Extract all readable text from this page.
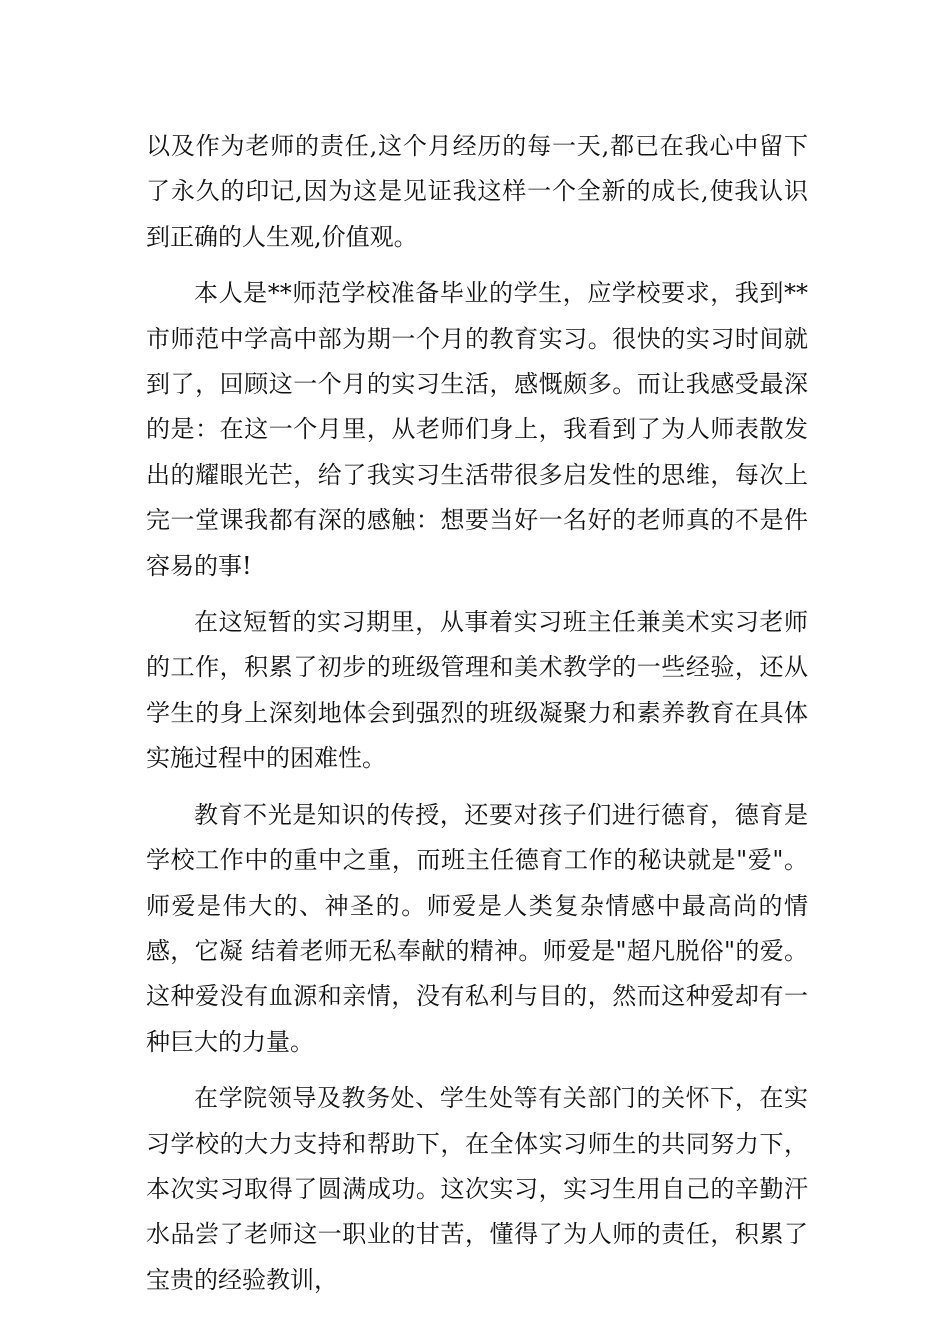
以及作为老师的责任,这个月经历的每一天,都已在我心中留下了永久的印记,因为这是见证我这样一个全新的成长,使我认识到正确的人生观,价值观。

本人是**师范学校准备毕业的学生，应学校要求，我到**市师范中学高中部为期一个月的教育实习。很快的实习时间就到了，回顾这一个月的实习生活，感慨颇多。而让我感受最深的是：在这一个月里，从老师们身上，我看到了为人师表散发出的耀眼光芒，给了我实习生活带很多启发性的思维，每次上完一堂课我都有深的感触：想要当好一名好的老师真的不是件容易的事!

在这短暂的实习期里，从事着实习班主任兼美术实习老师的工作，积累了初步的班级管理和美术教学的一些经验，还从学生的身上深刻地体会到强烈的班级凝聚力和素养教育在具体实施过程中的困难性。

教育不光是知识的传授，还要对孩子们进行德育，德育是学校工作中的重中之重，而班主任德育工作的秘诀就是"爱"。师爱是伟大的、神圣的。师爱是人类复杂情感中最高尚的情感，它凝 结着老师无私奉献的精神。师爱是"超凡脱俗"的爱。这种爱没有血源和亲情，没有私利与目的，然而这种爱却有一种巨大的力量。

在学院领导及教务处、学生处等有关部门的关怀下，在实习学校的大力支持和帮助下，在全体实习师生的共同努力下，本次实习取得了圆满成功。这次实习，实习生用自己的辛勤汗水品尝了老师这一职业的甘苦，懂得了为人师的责任，积累了宝贵的经验教训，
